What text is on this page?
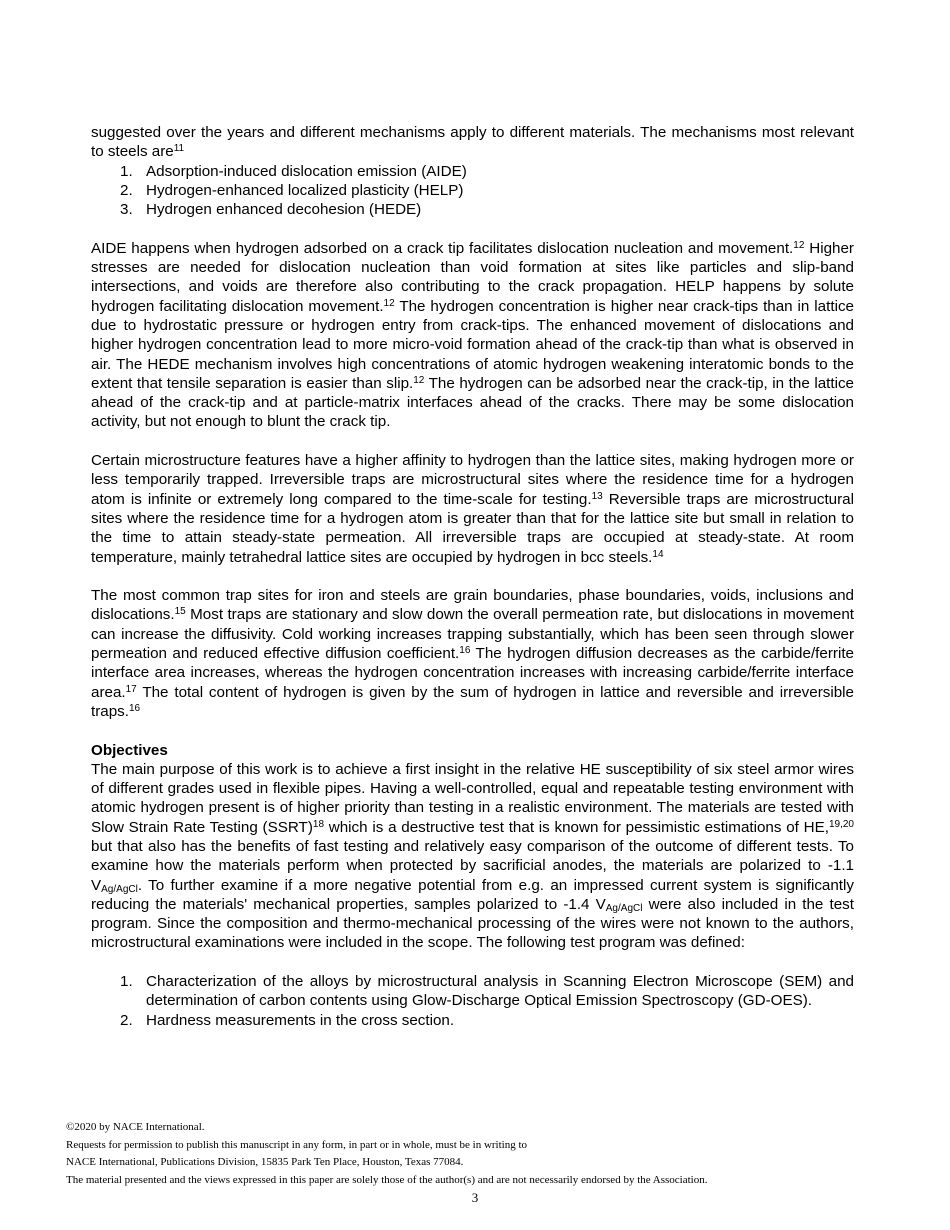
suggested over the years and different mechanisms apply to different materials. The mechanisms most relevant to steels are$^{11}$

1. Adsorption-induced dislocation emission (AIDE)
2. Hydrogen-enhanced localized plasticity (HELP)
3. Hydrogen enhanced decohesion (HEDE)

AIDE happens when hydrogen adsorbed on a crack tip facilitates dislocation nucleation and movement.$^{12}$ Higher stresses are needed for dislocation nucleation than void formation at sites like particles and slip-band intersections, and voids are therefore also contributing to the crack propagation. HELP happens by solute hydrogen facilitating dislocation movement.$^{12}$ The hydrogen concentration is higher near crack-tips than in lattice due to hydrostatic pressure or hydrogen entry from crack-tips. The enhanced movement of dislocations and higher hydrogen concentration lead to more micro-void formation ahead of the crack-tip than what is observed in air. The HEDE mechanism involves high concentrations of atomic hydrogen weakening interatomic bonds to the extent that tensile separation is easier than slip.$^{12}$ The hydrogen can be adsorbed near the crack-tip, in the lattice ahead of the crack-tip and at particle-matrix interfaces ahead of the cracks. There may be some dislocation activity, but not enough to blunt the crack tip.

Certain microstructure features have a higher affinity to hydrogen than the lattice sites, making hydrogen more or less temporarily trapped. Irreversible traps are microstructural sites where the residence time for a hydrogen atom is infinite or extremely long compared to the time-scale for testing.$^{13}$ Reversible traps are microstructural sites where the residence time for a hydrogen atom is greater than that for the lattice site but small in relation to the time to attain steady-state permeation. All irreversible traps are occupied at steady-state. At room temperature, mainly tetrahedral lattice sites are occupied by hydrogen in bcc steels.$^{14}$

The most common trap sites for iron and steels are grain boundaries, phase boundaries, voids, inclusions and dislocations.$^{15}$ Most traps are stationary and slow down the overall permeation rate, but dislocations in movement can increase the diffusivity. Cold working increases trapping substantially, which has been seen through slower permeation and reduced effective diffusion coefficient.$^{16}$ The hydrogen diffusion decreases as the carbide/ferrite interface area increases, whereas the hydrogen concentration increases with increasing carbide/ferrite interface area.$^{17}$ The total content of hydrogen is given by the sum of hydrogen in lattice and reversible and irreversible traps.$^{16}$

Objectives

The main purpose of this work is to achieve a first insight in the relative HE susceptibility of six steel armor wires of different grades used in flexible pipes. Having a well-controlled, equal and repeatable testing environment with atomic hydrogen present is of higher priority than testing in a realistic environment. The materials are tested with Slow Strain Rate Testing (SSRT)$^{18}$ which is a destructive test that is known for pessimistic estimations of HE,$^{19,20}$ but that also has the benefits of fast testing and relatively easy comparison of the outcome of different tests. To examine how the materials perform when protected by sacrificial anodes, the materials are polarized to -1.1 $V_{Ag/AgCl}$. To further examine if a more negative potential from e.g. an impressed current system is significantly reducing the materials' mechanical properties, samples polarized to -1.4 $V_{Ag/AgCl}$ were also included in the test program. Since the composition and thermo-mechanical processing of the wires were not known to the authors, microstructural examinations were included in the scope. The following test program was defined:

1. Characterization of the alloys by microstructural analysis in Scanning Electron Microscope (SEM) and determination of carbon contents using Glow-Discharge Optical Emission Spectroscopy (GD-OES).
2. Hardness measurements in the cross section.
©2020 by NACE International.
Requests for permission to publish this manuscript in any form, in part or in whole, must be in writing to
NACE International, Publications Division, 15835 Park Ten Place, Houston, Texas 77084.
The material presented and the views expressed in this paper are solely those of the author(s) and are not necessarily endorsed by the Association.
3
